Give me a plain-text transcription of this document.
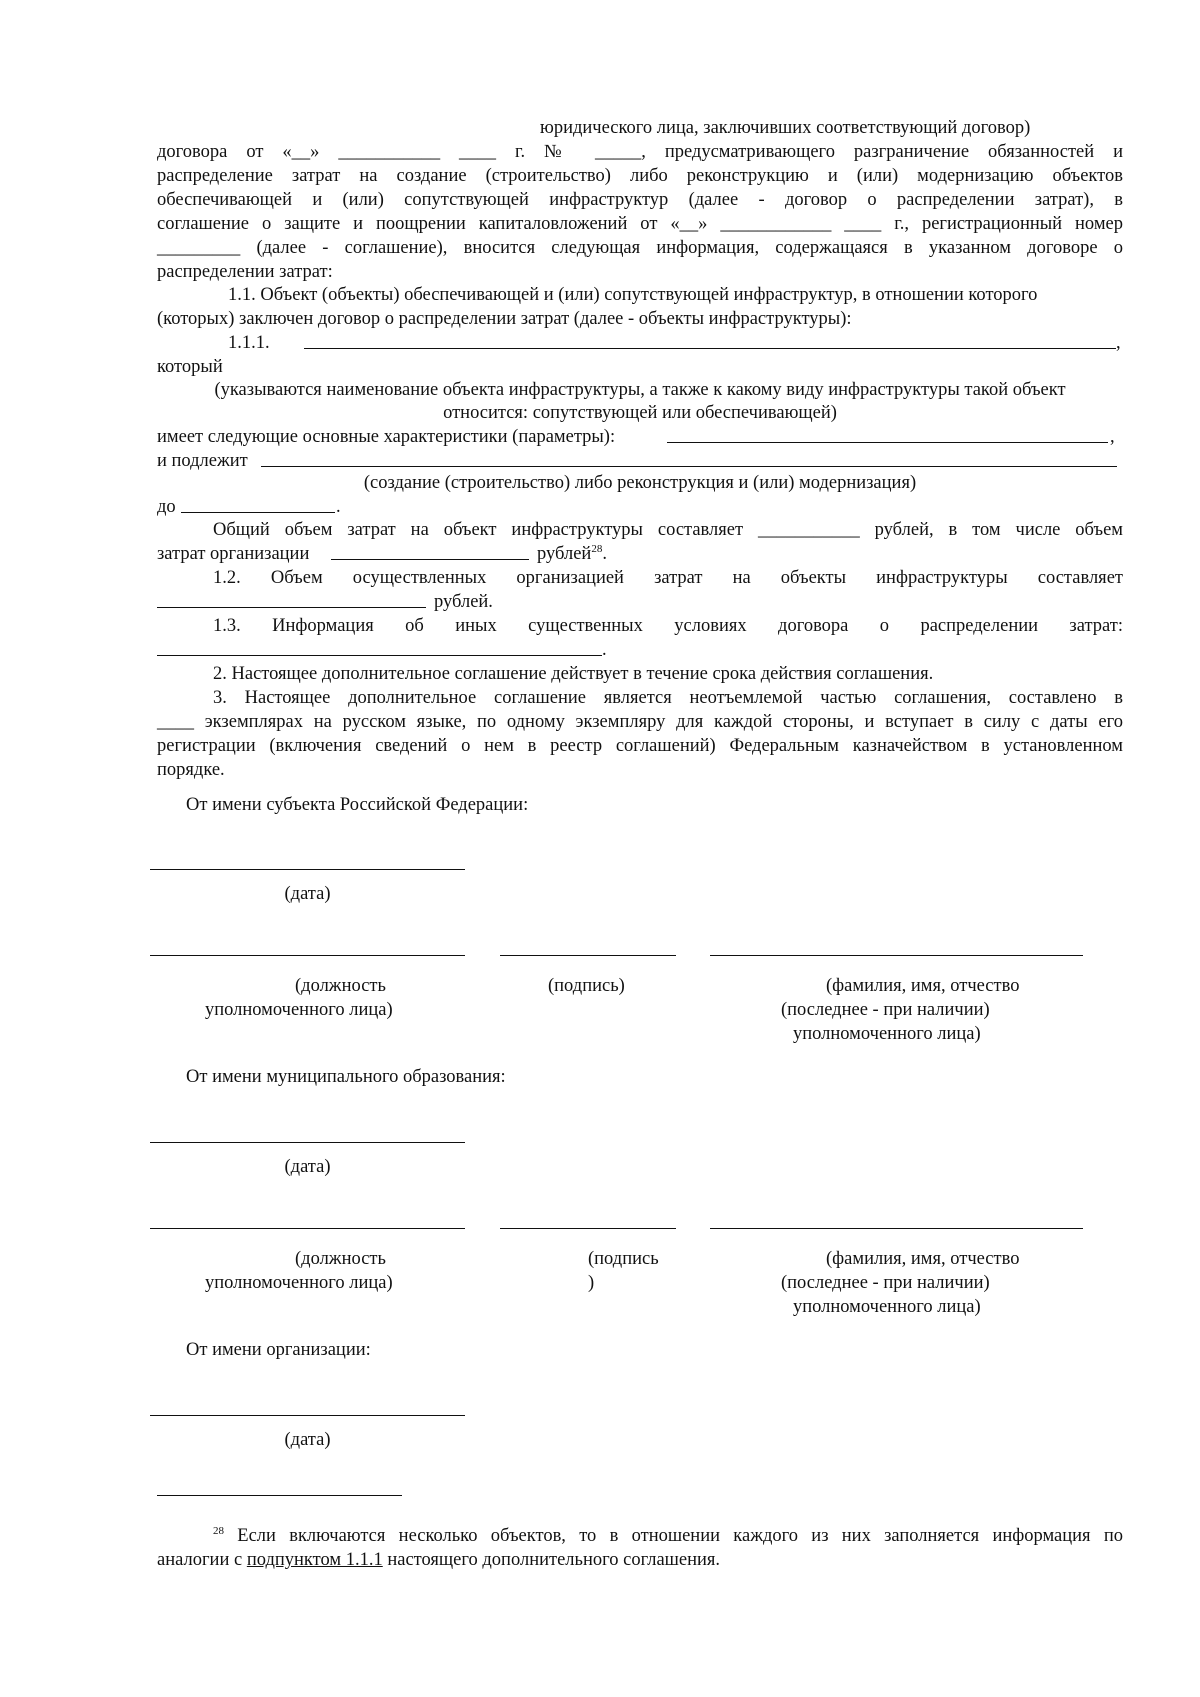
юридического лица, заключивших соответствующий договор)
договора от «__» ___________ ____ г. № _____, предусматривающего разграничение обязанностей и
распределение затрат на создание (строительство) либо реконструкцию и (или) модернизацию объектов
обеспечивающей и (или) сопутствующей инфраструктур (далее - договор о распределении затрат), в
соглашение о защите и поощрении капиталовложений от «__» ____________ ____ г., регистрационный номер
_________ (далее - соглашение), вносится следующая информация, содержащаяся в указанном договоре о
распределении затрат:
1.1. Объект (объекты) обеспечивающей и (или) сопутствующей инфраструктур, в отношении которого
(которых) заключен договор о распределении затрат (далее - объекты инфраструктуры):
1.1.1.	,
который
(указываются наименование объекта инфраструктуры, а также к какому виду инфраструктуры такой объект
относится: сопутствующей или обеспечивающей)
имеет следующие основные характеристики (параметры):	,
и подлежит
(создание (строительство) либо реконструкция и (или) модернизация)
до	.
Общий объем затрат на объект инфраструктуры составляет ___________ рублей, в том числе объем
затрат организации	рублей$^{28}$.
1.2. Объем осуществленных организацией затрат на объекты инфраструктуры составляет
рублей.
1.3. Информация об иных существенных условиях договора о распределении затрат:
.
2. Настоящее дополнительное соглашение действует в течение срока действия соглашения.
3. Настоящее дополнительное соглашение является неотъемлемой частью соглашения, составлено в
____ экземплярах на русском языке, по одному экземпляру для каждой стороны, и вступает в силу с даты его
регистрации (включения сведений о нем в реестр соглашений) Федеральным казначейством в установленном
порядке.
От имени субъекта Российской Федерации:
(дата)
(должность
уполномоченного лица)
(подпись)	(фамилия, имя, отчество
(последнее - при наличии)
уполномоченного лица)
От имени муниципального образования:
(дата)
(должность
уполномоченного лица)
(подпись
)
(фамилия, имя, отчество
(последнее - при наличии)
уполномоченного лица)
От имени организации:
(дата)
$^{28}$ Если включаются несколько объектов, то в отношении каждого из них заполняется информация по
аналогии с подпунктом 1.1.1 настоящего дополнительного соглашения.
